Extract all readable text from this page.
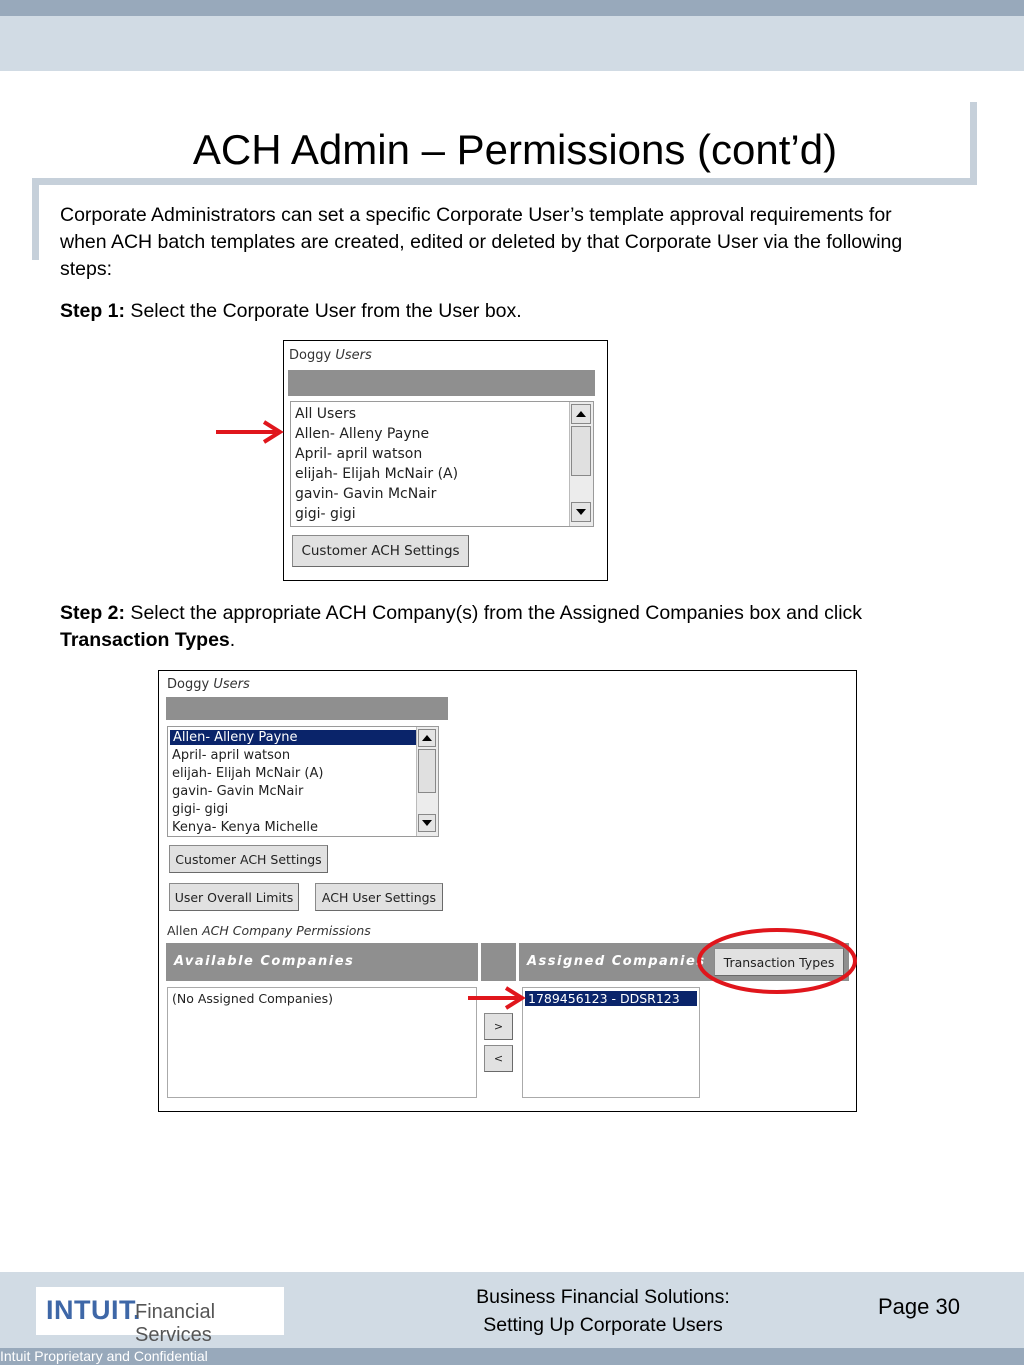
ACH Admin – Permissions (cont’d)

Corporate Administrators can set a specific Corporate User’s template approval requirements for when ACH batch templates are created, edited or deleted by that Corporate User via the following steps:

Step 1: Select the Corporate User from the User box.

Doggy Users
All Users
Allen- Alleny Payne
April- april watson
elijah- Elijah McNair (A)
gavin- Gavin McNair
gigi- gigi
Customer ACH Settings

Step 2: Select the appropriate ACH Company(s) from the Assigned Companies box and click Transaction Types.

Doggy Users
Allen- Alleny Payne
April- april watson
elijah- Elijah McNair (A)
gavin- Gavin McNair
gigi- gigi
Kenya- Kenya Michelle
Customer ACH Settings
User Overall Limits	ACH User Settings
Allen ACH Company Permissions
Available Companies	Assigned Companies	Transaction Types
(No Assigned Companies)
>
<
1789456123 - DDSR123
INTUIT.
Financial Services
Business Financial Solutions:
Setting Up Corporate Users
Page 30
Intuit Proprietary and Confidential
